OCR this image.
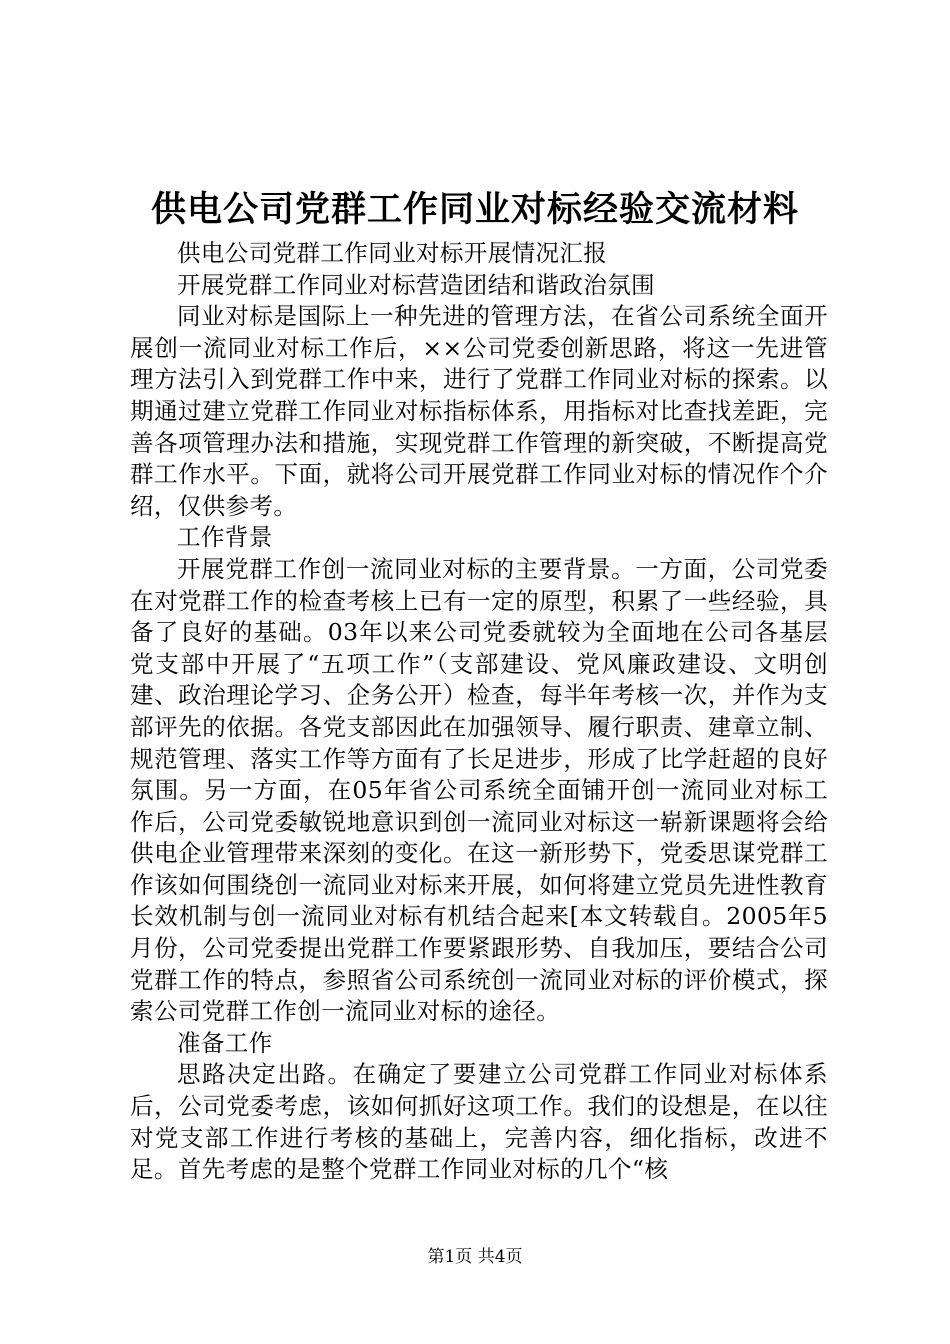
供电公司党群工作同业对标经验交流材料

供电公司党群工作同业对标开展情况汇报

开展党群工作同业对标营造团结和谐政治氛围

同业对标是国际上一种先进的管理方法，在省公司系统全面开展创一流同业对标工作后，××公司党委创新思路，将这一先进管理方法引入到党群工作中来，进行了党群工作同业对标的探索。以期通过建立党群工作同业对标指标体系，用指标对比查找差距，完善各项管理办法和措施，实现党群工作管理的新突破，不断提高党群工作水平。下面，就将公司开展党群工作同业对标的情况作个介绍，仅供参考。

工作背景

开展党群工作创一流同业对标的主要背景。一方面，公司党委在对党群工作的检查考核上已有一定的原型，积累了一些经验，具备了良好的基础。03年以来公司党委就较为全面地在公司各基层党支部中开展了“五项工作”（支部建设、党风廉政建设、文明创建、政治理论学习、企务公开）检查，每半年考核一次，并作为支部评先的依据。各党支部因此在加强领导、履行职责、建章立制、规范管理、落实工作等方面有了长足进步，形成了比学赶超的良好氛围。另一方面，在05年省公司系统全面铺开创一流同业对标工作后，公司党委敏锐地意识到创一流同业对标这一崭新课题将会给供电企业管理带来深刻的变化。在这一新形势下，党委思谋党群工作该如何围绕创一流同业对标来开展，如何将建立党员先进性教育长效机制与创一流同业对标有机结合起来[本文转载自。2005年5月份，公司党委提出党群工作要紧跟形势、自我加压，要结合公司党群工作的特点，参照省公司系统创一流同业对标的评价模式，探索公司党群工作创一流同业对标的途径。

准备工作

思路决定出路。在确定了要建立公司党群工作同业对标体系后，公司党委考虑，该如何抓好这项工作。我们的设想是，在以往对党支部工作进行考核的基础上，完善内容，细化指标，改进不足。首先考虑的是整个党群工作同业对标的几个“核

第1页 共4页
